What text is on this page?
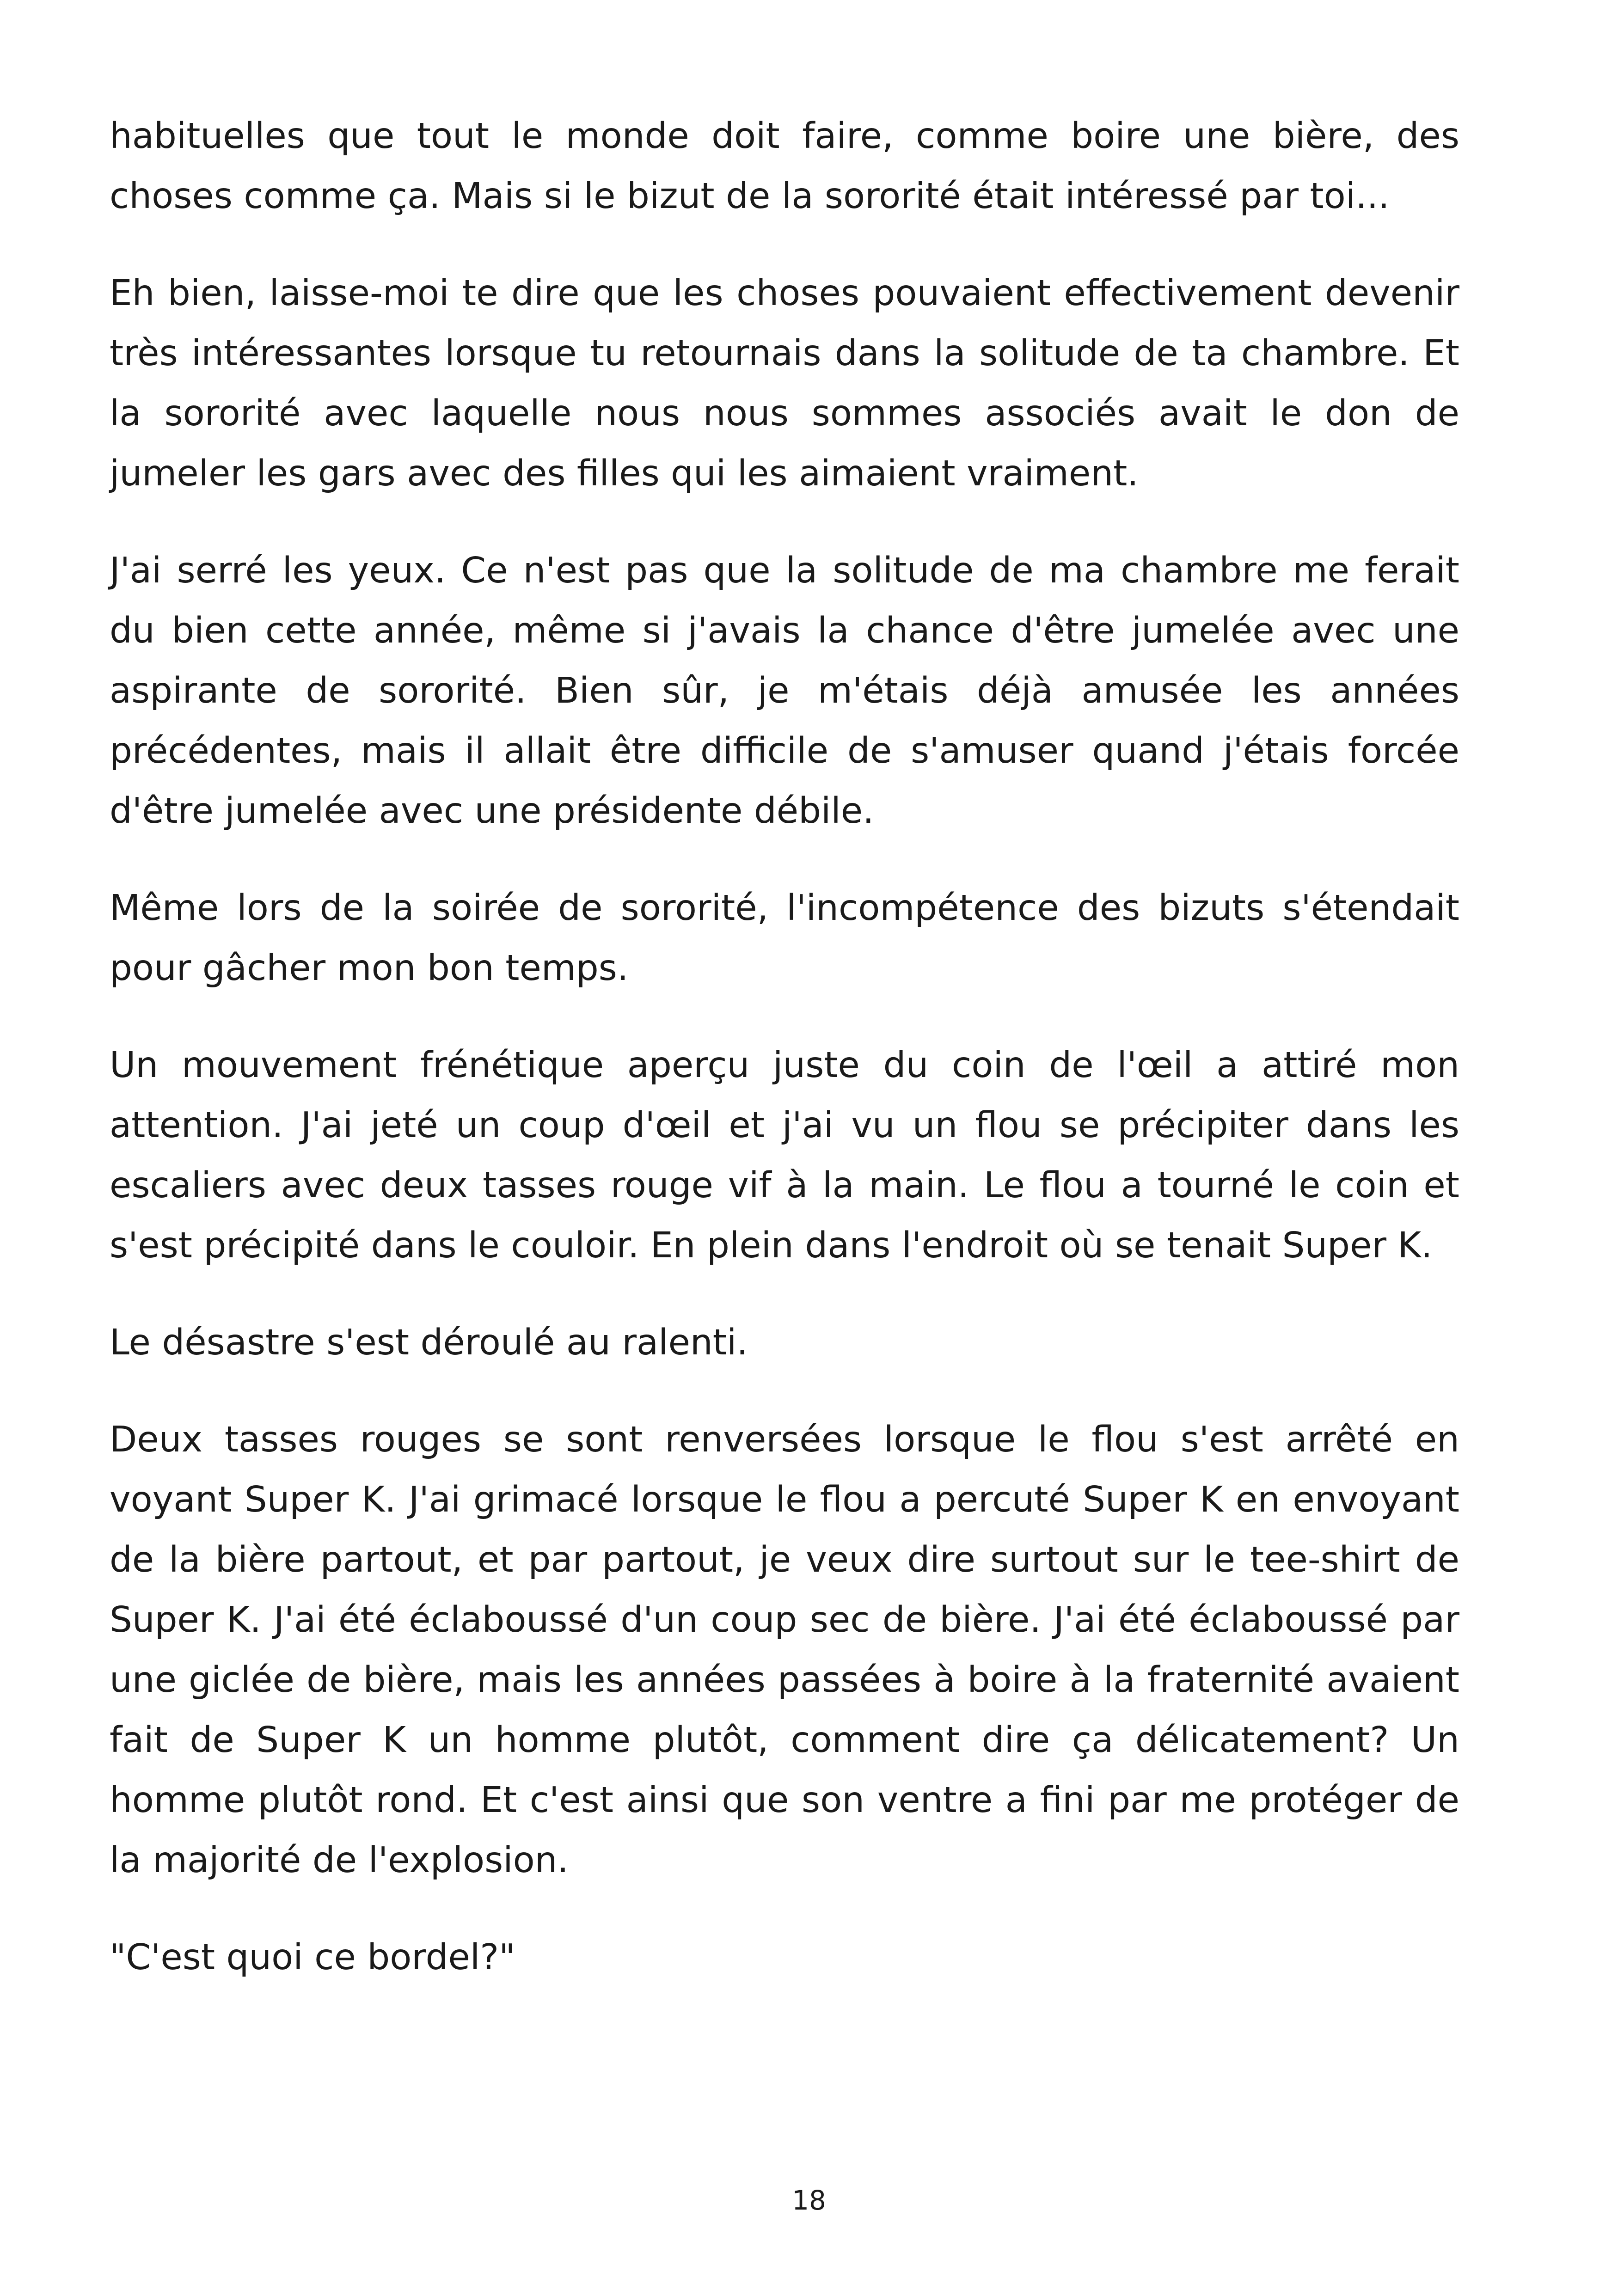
habituelles que tout le monde doit faire, comme boire une bière, des choses comme ça. Mais si le bizut de la sororité était intéressé par toi...

Eh bien, laisse-moi te dire que les choses pouvaient effectivement devenir très intéressantes lorsque tu retournais dans la solitude de ta chambre. Et la sororité avec laquelle nous nous sommes associés avait le don de jumeler les gars avec des filles qui les aimaient vraiment.

J'ai serré les yeux. Ce n'est pas que la solitude de ma chambre me ferait du bien cette année, même si j'avais la chance d'être jumelée avec une aspirante de sororité. Bien sûr, je m'étais déjà amusée les années précédentes, mais il allait être difficile de s'amuser quand j'étais forcée d'être jumelée avec une présidente débile.

Même lors de la soirée de sororité, l'incompétence des bizuts s'étendait pour gâcher mon bon temps.

Un mouvement frénétique aperçu juste du coin de l'œil a attiré mon attention. J'ai jeté un coup d'œil et j'ai vu un flou se précipiter dans les escaliers avec deux tasses rouge vif à la main. Le flou a tourné le coin et s'est précipité dans le couloir. En plein dans l'endroit où se tenait Super K.

Le désastre s'est déroulé au ralenti.

Deux tasses rouges se sont renversées lorsque le flou s'est arrêté en voyant Super K. J'ai grimacé lorsque le flou a percuté Super K en envoyant de la bière partout, et par partout, je veux dire surtout sur le tee-shirt de Super K. J'ai été éclaboussé d'un coup sec de bière. J'ai été éclaboussé par une giclée de bière, mais les années passées à boire à la fraternité avaient fait de Super K un homme plutôt, comment dire ça délicatement? Un homme plutôt rond. Et c'est ainsi que son ventre a fini par me protéger de la majorité de l'explosion.

"C'est quoi ce bordel?"

18
